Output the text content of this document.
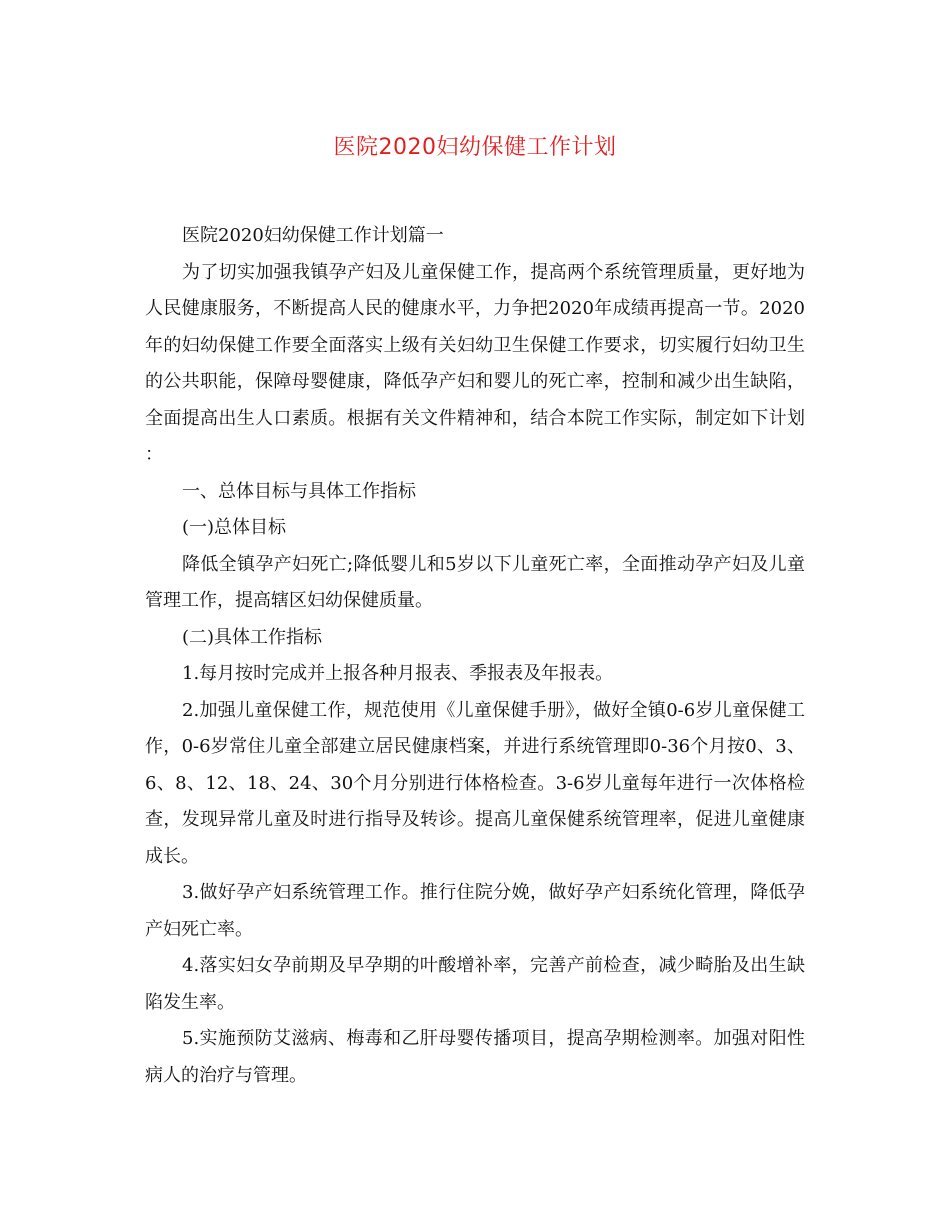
医院2020妇幼保健工作计划

医院2020妇幼保健工作计划篇一

为了切实加强我镇孕产妇及儿童保健工作，提高两个系统管理质量，更好地为人民健康服务，不断提高人民的健康水平，力争把2020年成绩再提高一节。2020年的妇幼保健工作要全面落实上级有关妇幼卫生保健工作要求，切实履行妇幼卫生的公共职能，保障母婴健康，降低孕产妇和婴儿的死亡率，控制和减少出生缺陷，全面提高出生人口素质。根据有关文件精神和，结合本院工作实际，制定如下计划：

一、总体目标与具体工作指标

(一)总体目标

降低全镇孕产妇死亡;降低婴儿和5岁以下儿童死亡率，全面推动孕产妇及儿童管理工作，提高辖区妇幼保健质量。

(二)具体工作指标

1.每月按时完成并上报各种月报表、季报表及年报表。

2.加强儿童保健工作，规范使用《儿童保健手册》，做好全镇0-6岁儿童保健工作，0-6岁常住儿童全部建立居民健康档案，并进行系统管理即0-36个月按0、3、6、8、12、18、24、30个月分别进行体格检查。3-6岁儿童每年进行一次体格检查，发现异常儿童及时进行指导及转诊。提高儿童保健系统管理率，促进儿童健康成长。

3.做好孕产妇系统管理工作。推行住院分娩，做好孕产妇系统化管理，降低孕产妇死亡率。

4.落实妇女孕前期及早孕期的叶酸增补率，完善产前检查，减少畸胎及出生缺陷发生率。

5.实施预防艾滋病、梅毒和乙肝母婴传播项目，提高孕期检测率。加强对阳性病人的治疗与管理。
